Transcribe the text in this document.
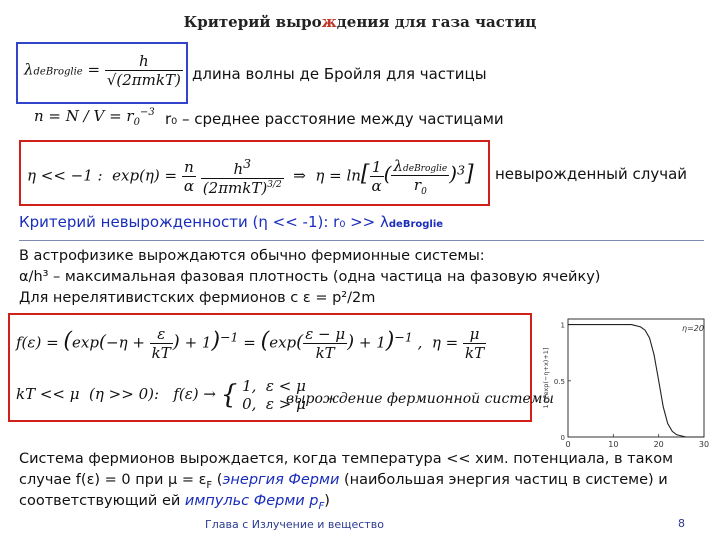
Критерий вырождения для газа частиц
λdeBroglie = $\frac{h}{\text{√(2πmkT)}}$ длина волны де Бройля для частицы
$n = N / V = r_0^{-3}$ r₀ – среднее расстояние между частицами
η << −1 :  $\exp(\eta) = \frac{n}{\alpha}$
$\frac{h^3}{(2\pi mkT)^{3/2}}$ ⇒  $\eta = \ln[ \frac{1}{\alpha}$ ( $\frac{\text{λdeBroglie}}{r_0} )^3$] невырожденный случай
Критерий невырожденности (η << -1): r₀ >> λdeBroglie
В астрофизике вырождаются обычно фермионные системы:
α/h³ – максимальная фазовая плотность (одна частица на фазовую ячейку)
Для нерелятивистских фермионов с ε = p²/2m
$f(\varepsilon) = (\exp(-\eta + \frac{\varepsilon}{kT}$ ) + $1)^{-1} = (\exp( \frac{\varepsilon - \mu}{kT}$ ) + 1)$^{-1}$ ,  $\eta = \frac{\mu}{kT}$
kT << μ  (η >> 0):   f(ε) → { 1,  ε < μ
0,  ε > μ
вырождение фермионной системы
η=20
1 / [exp(−η+x)+1]
0	10	20	30
0
0.5
1
Система фермионов вырождается, когда температура << хим. потенциала, в таком
случае f(ε) = 0 при $\mu = \varepsilon_F$ (энергия Ферми (наибольшая энергия частиц в системе) и
соответствующий ей импульс Ферми $p_F$)
Глава с Излучение и вещество	8
